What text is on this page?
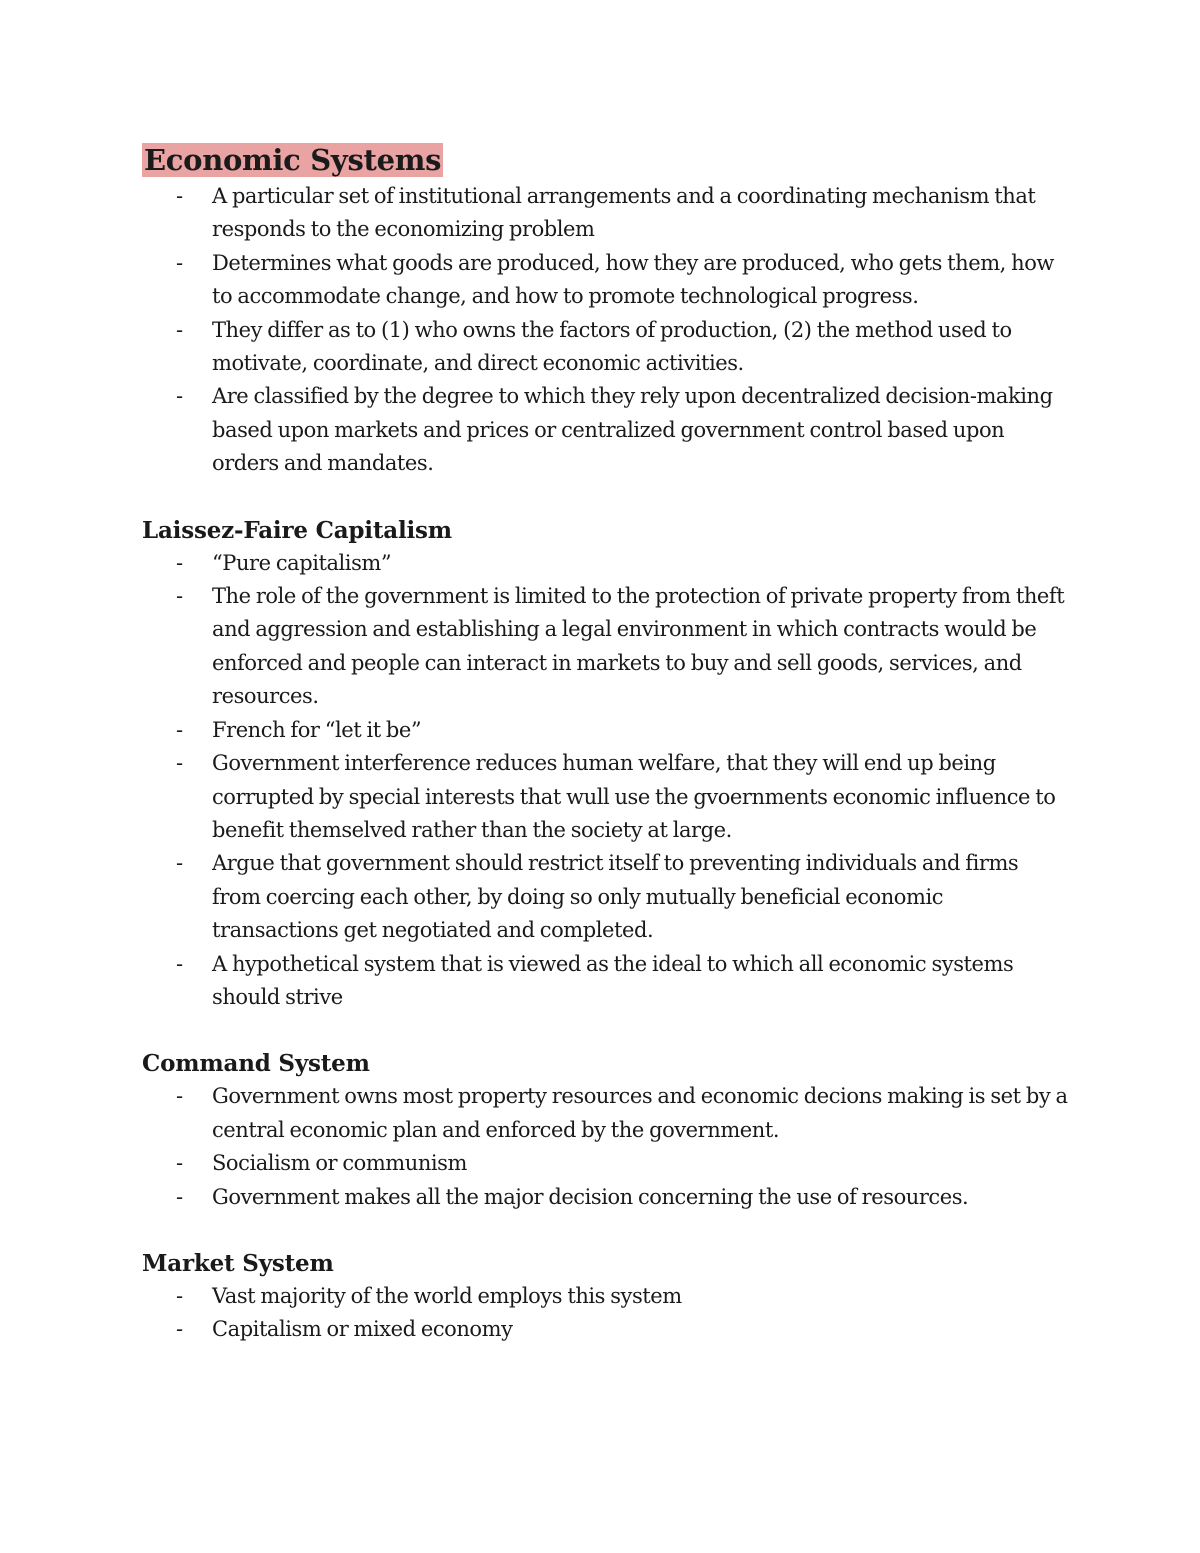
Economic Systems
- A particular set of institutional arrangements and a coordinating mechanism that responds to the economizing problem
- Determines what goods are produced, how they are produced, who gets them, how to accommodate change, and how to promote technological progress.
- They differ as to (1) who owns the factors of production, (2) the method used to motivate, coordinate, and direct economic activities.
- Are classified by the degree to which they rely upon decentralized decision-making based upon markets and prices or centralized government control based upon orders and mandates.
Laissez-Faire Capitalism
- “Pure capitalism”
- The role of the government is limited to the protection of private property from theft and aggression and establishing a legal environment in which contracts would be enforced and people can interact in markets to buy and sell goods, services, and resources.
- French for “let it be”
- Government interference reduces human welfare, that they will end up being corrupted by special interests that wull use the gvoernments economic influence to benefit themselved rather than the society at large.
- Argue that government should restrict itself to preventing individuals and firms from coercing each other, by doing so only mutually beneficial economic transactions get negotiated and completed.
- A hypothetical system that is viewed as the ideal to which all economic systems should strive
Command System
- Government owns most property resources and economic decions making is set by a central economic plan and enforced by the government.
- Socialism or communism
- Government makes all the major decision concerning the use of resources.
Market System
- Vast majority of the world employs this system
- Capitalism or mixed economy
